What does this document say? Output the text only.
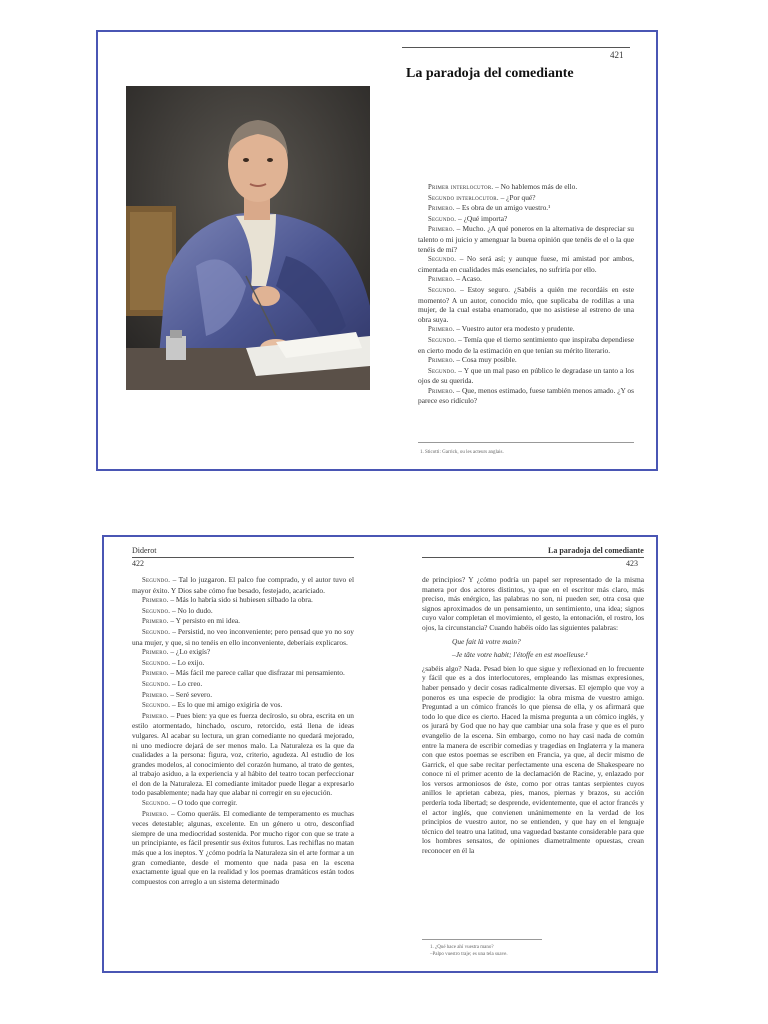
421
La paradoja del comediante

Primer interlocutor. – No hablemos más de ello.

Segundo interlocutor. – ¿Por qué?

Primero. – Es obra de un amigo vuestro.¹

Segundo. – ¿Qué importa?

Primero. – Mucho. ¿A qué poneros en la alternativa de despreciar su talento o mi juicio y amenguar la buena opinión que tenéis de el o la que tenéis de mí?

Segundo. – No será así; y aunque fuese, mi amistad por ambos, cimentada en cualidades más esenciales, no sufriría por ello.

Primero. – Acaso.

Segundo. – Estoy seguro. ¿Sabéis a quién me recordáis en este momento? A un autor, conocido mío, que suplicaba de rodillas a una mujer, de la cual estaba enamorado, que no asistiese al estreno de una obra suya.

Primero. – Vuestro autor era modesto y prudente.

Segundo. – Temía que el tierno sentimiento que inspiraba dependiese en cierto modo de la estimación en que tenían su mérito literario.

Primero. – Cosa muy posible.

Segundo. – Y que un mal paso en público le degradase un tanto a los ojos de su querida.

Primero. – Que, menos estimado, fuese también menos amado. ¿Y os parece eso ridículo?

1. Sticotti: Garrick, ou les acteurs anglais.
Diderot
422

Segundo. – Tal lo juzgaron. El palco fue comprado, y el autor tuvo el mayor éxito. Y Dios sabe cómo fue besado, festejado, acariciado.

Primero. – Más lo habría sido si hubiesen silbado la obra.

Segundo. – No lo dudo.

Primero. – Y persisto en mi idea.

Segundo. – Persistid, no veo inconveniente; pero pensad que yo no soy una mujer, y que, si no tenéis en ello inconveniente, deberíais explicaros.

Primero. – ¿Lo exigís?

Segundo. – Lo exijo.

Primero. – Más fácil me parece callar que disfrazar mi pensamiento.

Segundo. – Lo creo.

Primero. – Seré severo.

Segundo. – Es lo que mi amigo exigiría de vos.

Primero. – Pues bien: ya que es fuerza decíroslo, su obra, escrita en un estilo atormentado, hinchado, oscuro, retorcido, está llena de ideas vulgares. Al acabar su lectura, un gran comediante no quedará mejorado, ni uno mediocre dejará de ser menos malo. La Naturaleza es la que da cualidades a la persona: figura, voz, criterio, agudeza. Al estudio de los grandes modelos, al conocimiento del corazón humano, al trato de gentes, al trabajo asiduo, a la experiencia y al hábito del teatro tocan perfeccionar el don de la Naturaleza. El comediante imitador puede llegar a expresarlo todo pasablemente; nada hay que alabar ni corregir en su ejecución.

Segundo. – O todo que corregir.

Primero. – Como queráis. El comediante de temperamento es muchas veces detestable; algunas, excelente. En un género u otro, desconfiad siempre de una mediocridad sostenida. Por mucho rigor con que se trate a un principiante, es fácil presentir sus éxitos futuros. Las rechiflas no matan más que a los ineptos. Y ¿cómo podría la Naturaleza sin el arte formar a un gran comediante, desde el momento que nada pasa en la escena exactamente igual que en la realidad y los poemas dramáticos están todos compuestos con arreglo a un sistema determinado

La paradoja del comediante
423

de principios? Y ¿cómo podría un papel ser representado de la misma manera por dos actores distintos, ya que en el escritor más claro, más preciso, más enérgico, las palabras no son, ni pueden ser, otra cosa que signos aproximados de un pensamiento, un sentimiento, una idea; signos cuyo valor completan el movimiento, el gesto, la entonación, el rostro, los ojos, la circunstancia? Cuando habéis oído las siguientes palabras:

Que fait là votre main?

–Je tâte votre habit; l'étoffe en est moelleuse.¹

¿sabéis algo? Nada. Pesad bien lo que sigue y reflexionad en lo frecuente y fácil que es a dos interlocutores, empleando las mismas expresiones, haber pensado y decir cosas radicalmente diversas. El ejemplo que voy a poneros es una especie de prodigio: la obra misma de vuestro amigo. Preguntad a un cómico francés lo que piensa de ella, y os afirmará que todo lo que dice es cierto. Haced la misma pregunta a un cómico inglés, y os jurará by God que no hay que cambiar una sola frase y que es el puro evangelio de la escena. Sin embargo, como no hay casi nada de común entre la manera de escribir comedias y tragedias en Inglaterra y la manera con que estos poemas se escriben en Francia, ya que, al decir mismo de Garrick, el que sabe recitar perfectamente una escena de Shakespeare no conoce ni el primer acento de la declamación de Racine, y, enlazado por los versos armoniosos de éste, como por otras tantas serpientes cuyos anillos le aprietan cabeza, pies, manos, piernas y brazos, su acción perdería toda libertad; se desprende, evidentemente, que el actor francés y el actor inglés, que convienen unánimemente en la verdad de los principios de vuestro autor, no se entienden, y que hay en el lenguaje técnico del teatro una latitud, una vaguedad bastante considerable para que los hombres sensatos, de opiniones diametralmente opuestas, crean reconocer en él la

1. ¿Qué hace ahí vuestra mano?
–Palpo vuestro traje; es una tela suave.
